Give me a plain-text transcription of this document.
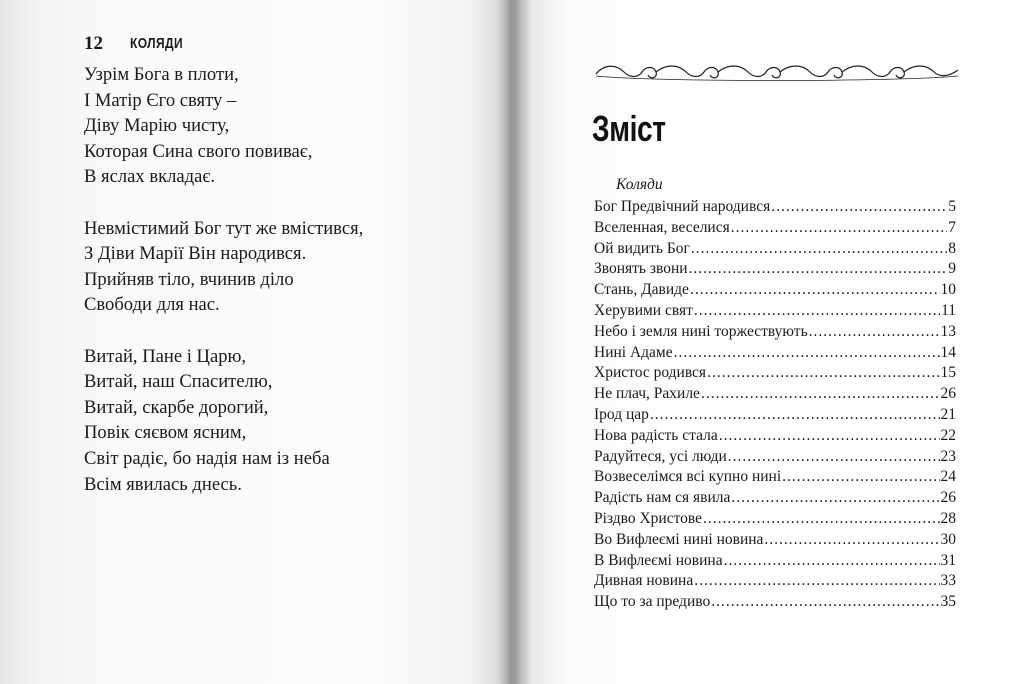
12 КОЛЯДИ
Узрім Бога в плоти,
І Матір Єго святу –
Діву Марію чисту,
Которая Сина свого повиває,
В яслах вкладає.
Невмістимий Бог тут же вмістився,
З Діви Марії Він народився.
Прийняв тіло, вчинив діло
Свободи для нас.
Витай, Пане і Царю,
Витай, наш Спасителю,
Витай, скарбе дорогий,
Повік сяєвом ясним,
Світ радіє, бо надія нам із неба
Всім явилась днесь.
Зміст
Коляди
Бог Предвічний народився .....	5
Вселенная, веселися .....	7
Ой видить Бог .....	8
Звонять звони .....	9
Стань, Давиде .....	10
Херувими свят .....	11
Небо і земля нині торжествують .....	13
Нині Адаме .....	14
Христос родився .....	15
Не плач, Рахиле .....	26
Ірод цар .....	21
Нова радість стала .....	22
Радуйтеся, усі люди .....	23
Возвеселімся всі купно нині .....	24
Радість нам ся явила .....	26
Різдво Христове .....	28
Во Вифлеємі нині новина .....	30
В Вифлеємі новина .....	31
Дивная новина .....	33
Що то за предиво .....	35
